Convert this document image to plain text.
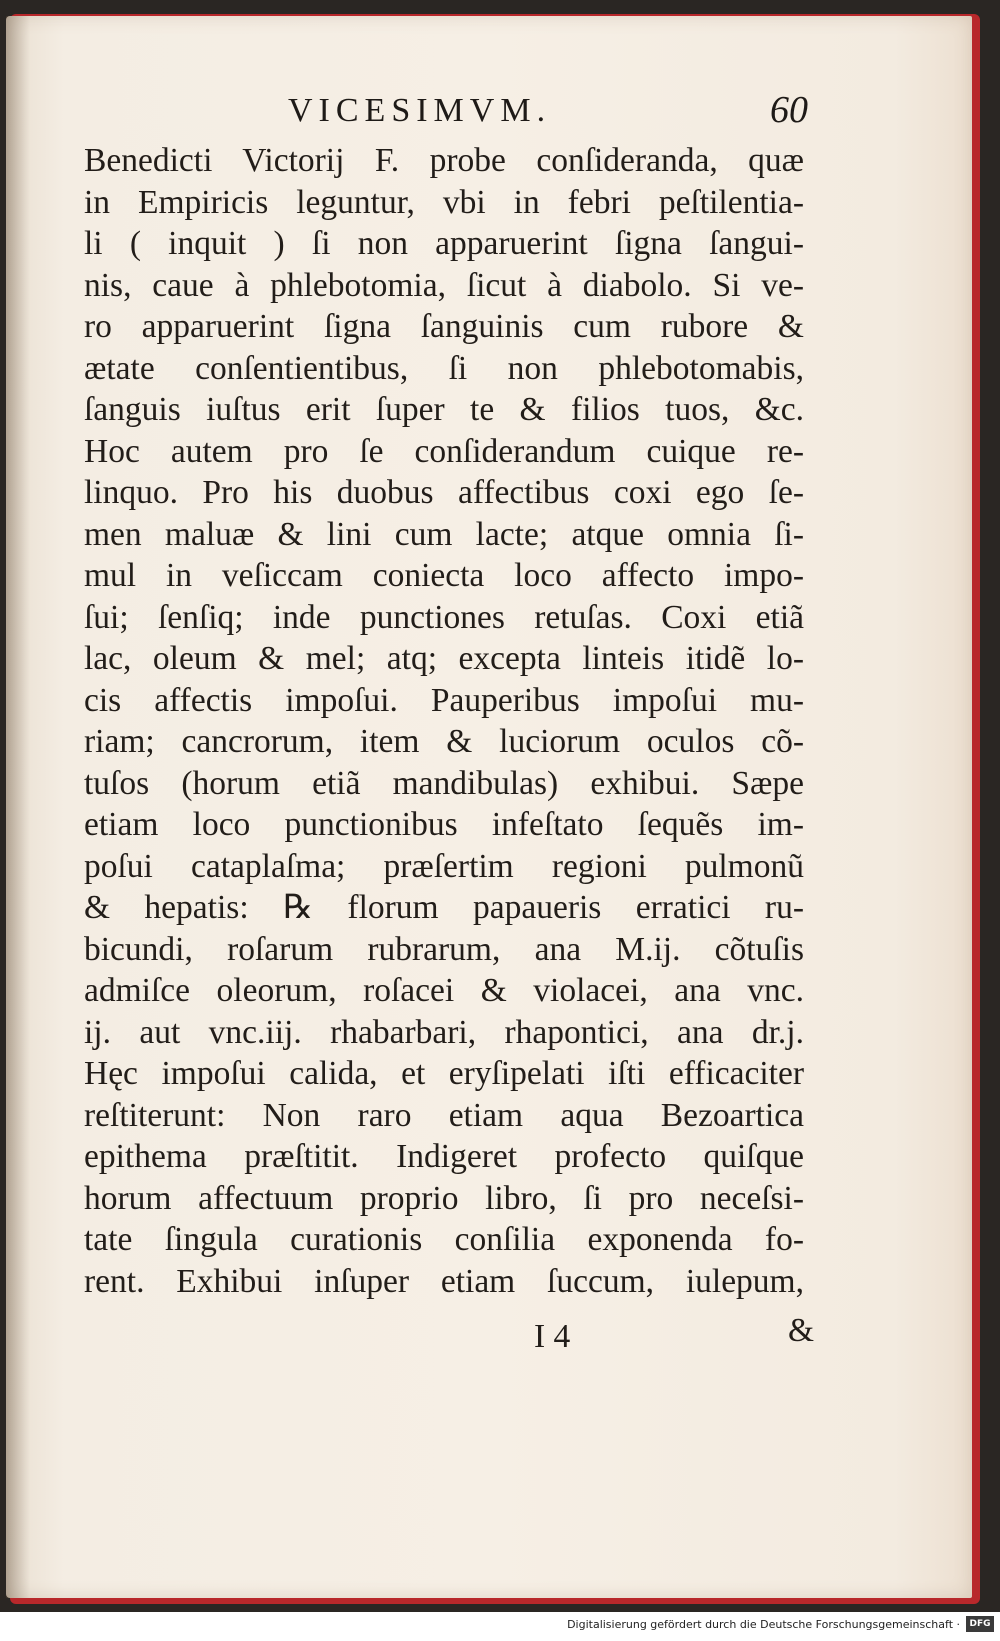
VICESIMVM.	60
Benedicti Victorij F. probe conſideranda, quæ
in Empiricis leguntur, vbi in febri peſtilentia-
li ( inquit ) ſi non apparuerint ſigna ſangui-
nis, caue à phlebotomia, ſicut à diabolo. Si ve-
ro apparuerint ſigna ſanguinis cum rubore &
ætate conſentientibus, ſi non phlebotomabis,
ſanguis iuſtus erit ſuper te & filios tuos, &c.
Hoc autem pro ſe conſiderandum cuique re-
linquo. Pro his duobus affectibus coxi ego ſe-
men maluæ & lini cum lacte; atque omnia ſi-
mul in veſiccam coniecta loco affecto impo-
ſui; ſenſiq; inde punctiones retuſas. Coxi etiã
lac, oleum & mel; atq; excepta linteis itidẽ lo-
cis affectis impoſui. Pauperibus impoſui mu-
riam; cancrorum, item & luciorum oculos cõ-
tuſos (horum etiã mandibulas) exhibui. Sæpe
etiam loco punctionibus infeſtato ſequẽs im-
poſui cataplaſma; præſertim regioni pulmonũ
& hepatis: ℞ florum papaueris erratici ru-
bicundi, roſarum rubrarum, ana M.ij. cõtuſis
admiſce oleorum, roſacei & violacei, ana vnc.
ij. aut vnc.iij. rhabarbari, rhapontici, ana dr.j.
Hęc impoſui calida, et eryſipelati iſti efficaciter
reſtiterunt: Non raro etiam aqua Bezoartica
epithema præſtitit. Indigeret profecto quiſque
horum affectuum proprio libro, ſi pro neceſsi-
tate ſingula curationis conſilia exponenda fo-
rent. Exhibui inſuper etiam ſuccum, iulepum,
I 4	&
Digitalisierung gefördert durch die Deutsche Forschungsgemeinschaft ·	DFG
